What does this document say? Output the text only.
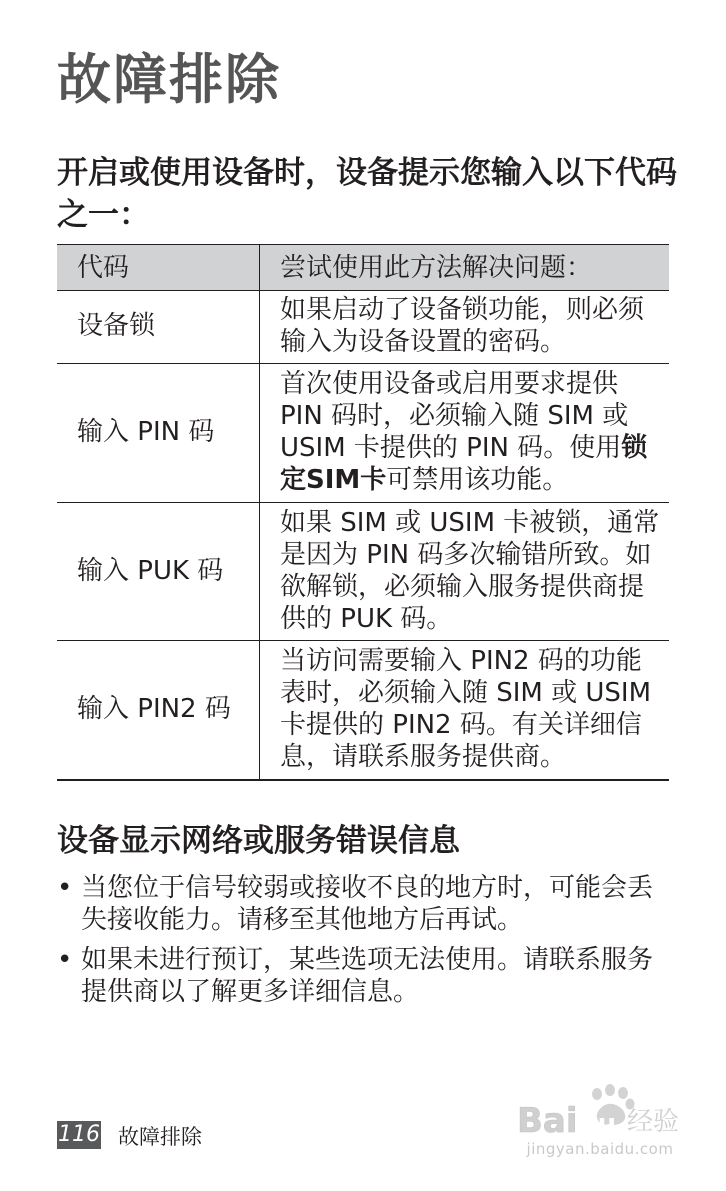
故障排除
开启或使用设备时，设备提示您输入以下代码之一：
代码	尝试使用此方法解决问题：
设备锁	如果启动了设备锁功能，则必须输入为设备设置的密码。
输入 PIN 码	首次使用设备或启用要求提供 PIN 码时，必须输入随 SIM 或 USIM 卡提供的 PIN 码。使用锁定SIM卡可禁用该功能。
输入 PUK 码	如果 SIM 或 USIM 卡被锁，通常是因为 PIN 码多次输错所致。如欲解锁，必须输入服务提供商提供的 PUK 码。
输入 PIN2 码	当访问需要输入 PIN2 码的功能表时，必须输入随 SIM 或 USIM 卡提供的 PIN2 码。有关详细信息，请联系服务提供商。
设备显示网络或服务错误信息
• 当您位于信号较弱或接收不良的地方时，可能会丢失接收能力。请移至其他地方后再试。
• 如果未进行预订，某些选项无法使用。请联系服务提供商以了解更多详细信息。
116 故障排除	Bai du 经验
jingyan.baidu.com
